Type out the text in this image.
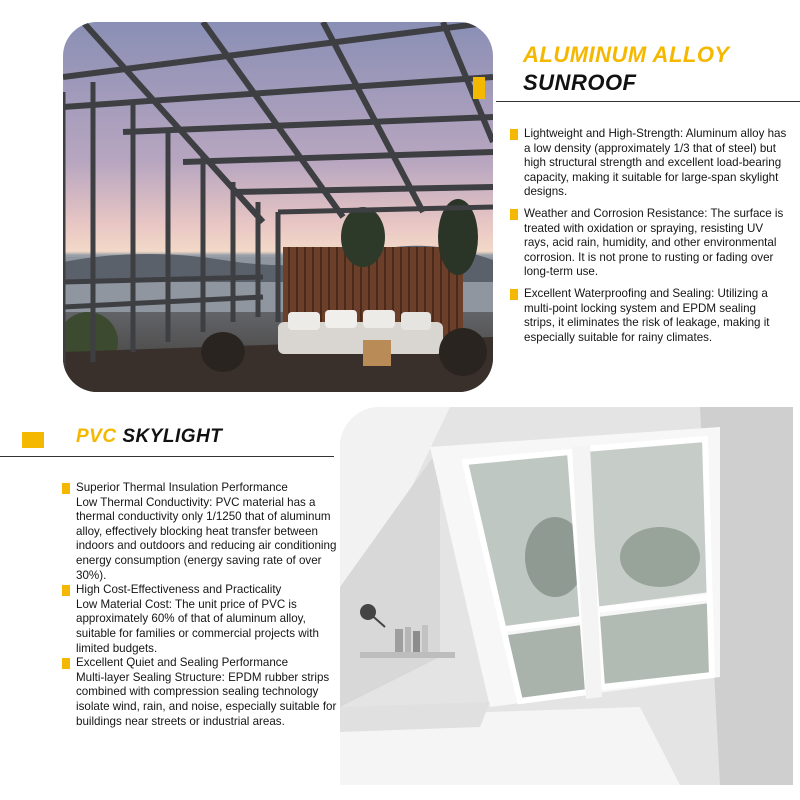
ALUMINUM ALLOY
SUNROOF
Lightweight and High-Strength: Aluminum alloy has a low density (approximately 1/3 that of steel) but high structural strength and excellent load-bearing capacity, making it suitable for large-span skylight designs.
Weather and Corrosion Resistance: The surface is treated with oxidation or spraying, resisting UV rays, acid rain, humidity, and other environmental corrosion. It is not prone to rusting or fading over long-term use.
Excellent Waterproofing and Sealing: Utilizing a multi-point locking system and EPDM sealing strips, it eliminates the risk of leakage, making it especially suitable for rainy climates.
PVC SKYLIGHT
Superior Thermal Insulation Performance
Low Thermal Conductivity: PVC material has a thermal conductivity only 1/1250 that of aluminum alloy, effectively blocking heat transfer between indoors and outdoors and reducing air conditioning energy consumption (energy saving rate of over 30%).
High Cost-Effectiveness and Practicality
Low Material Cost: The unit price of PVC is approximately 60% of that of aluminum alloy, suitable for families or commercial projects with limited budgets.
Excellent Quiet and Sealing Performance
Multi-layer Sealing Structure: EPDM rubber strips combined with compression sealing technology isolate wind, rain, and noise, especially suitable for buildings near streets or industrial areas.
